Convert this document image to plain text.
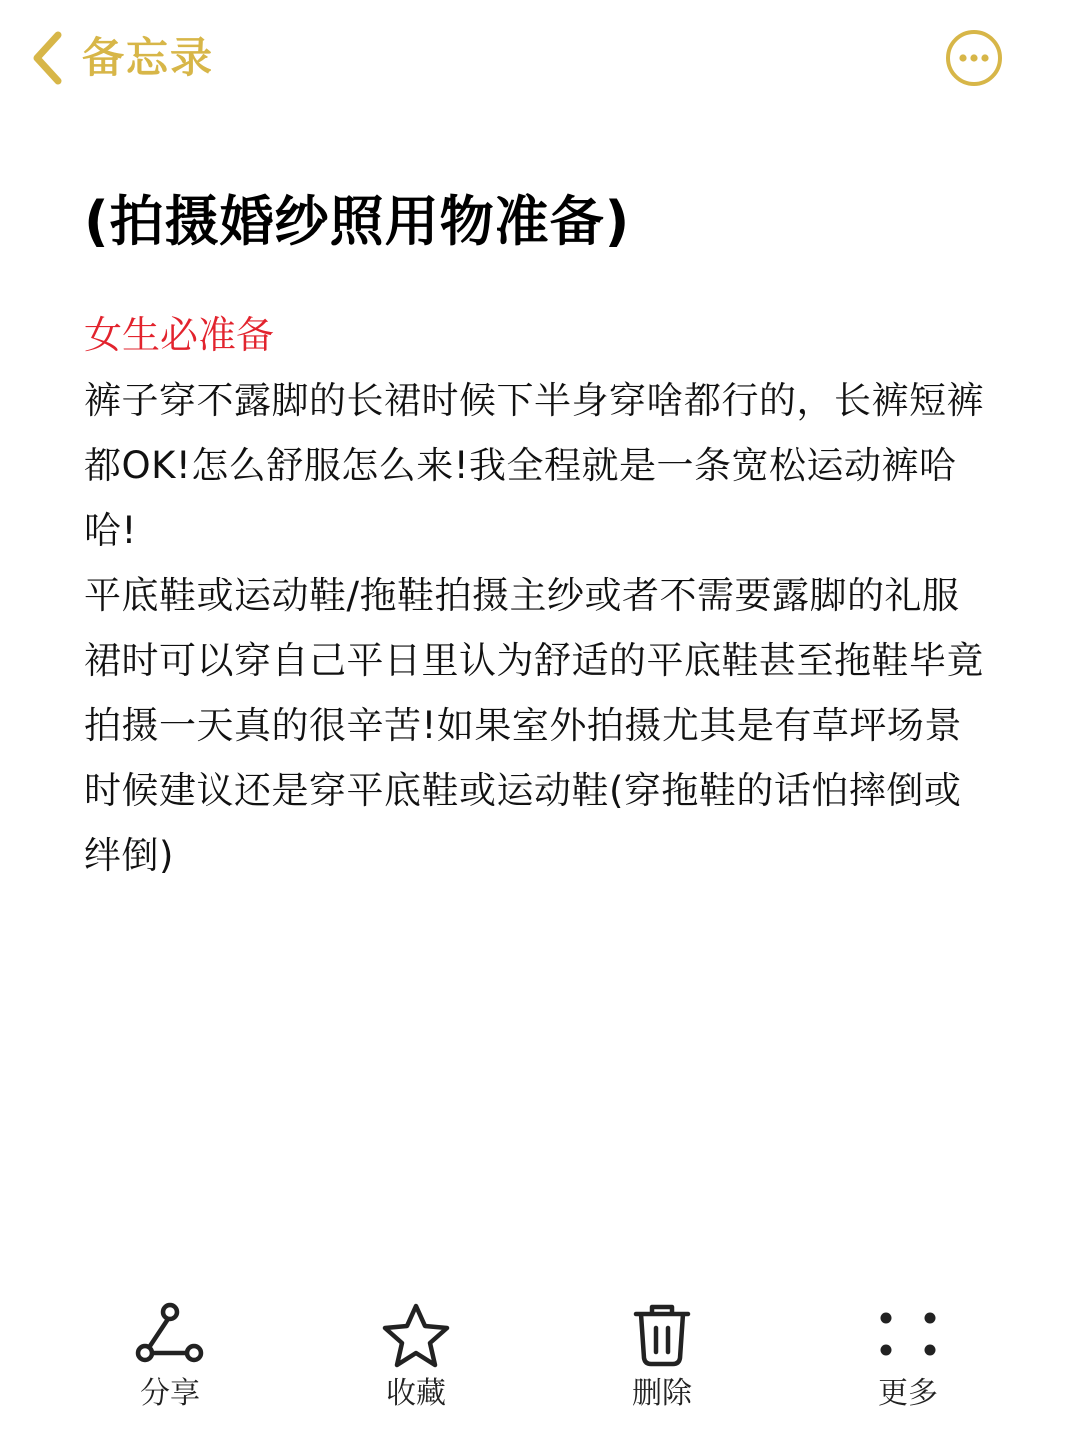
备忘录
(拍摄婚纱照用物准备)
女生必准备
裤子穿不露脚的长裙时候下半身穿啥都行的，长裤短裤都OK!怎么舒服怎么来!我全程就是一条宽松运动裤哈哈!
平底鞋或运动鞋/拖鞋拍摄主纱或者不需要露脚的礼服裙时可以穿自己平日里认为舒适的平底鞋甚至拖鞋毕竟拍摄一天真的很辛苦!如果室外拍摄尤其是有草坪场景时候建议还是穿平底鞋或运动鞋(穿拖鞋的话怕摔倒或绊倒)
分享	收藏	删除	更多
